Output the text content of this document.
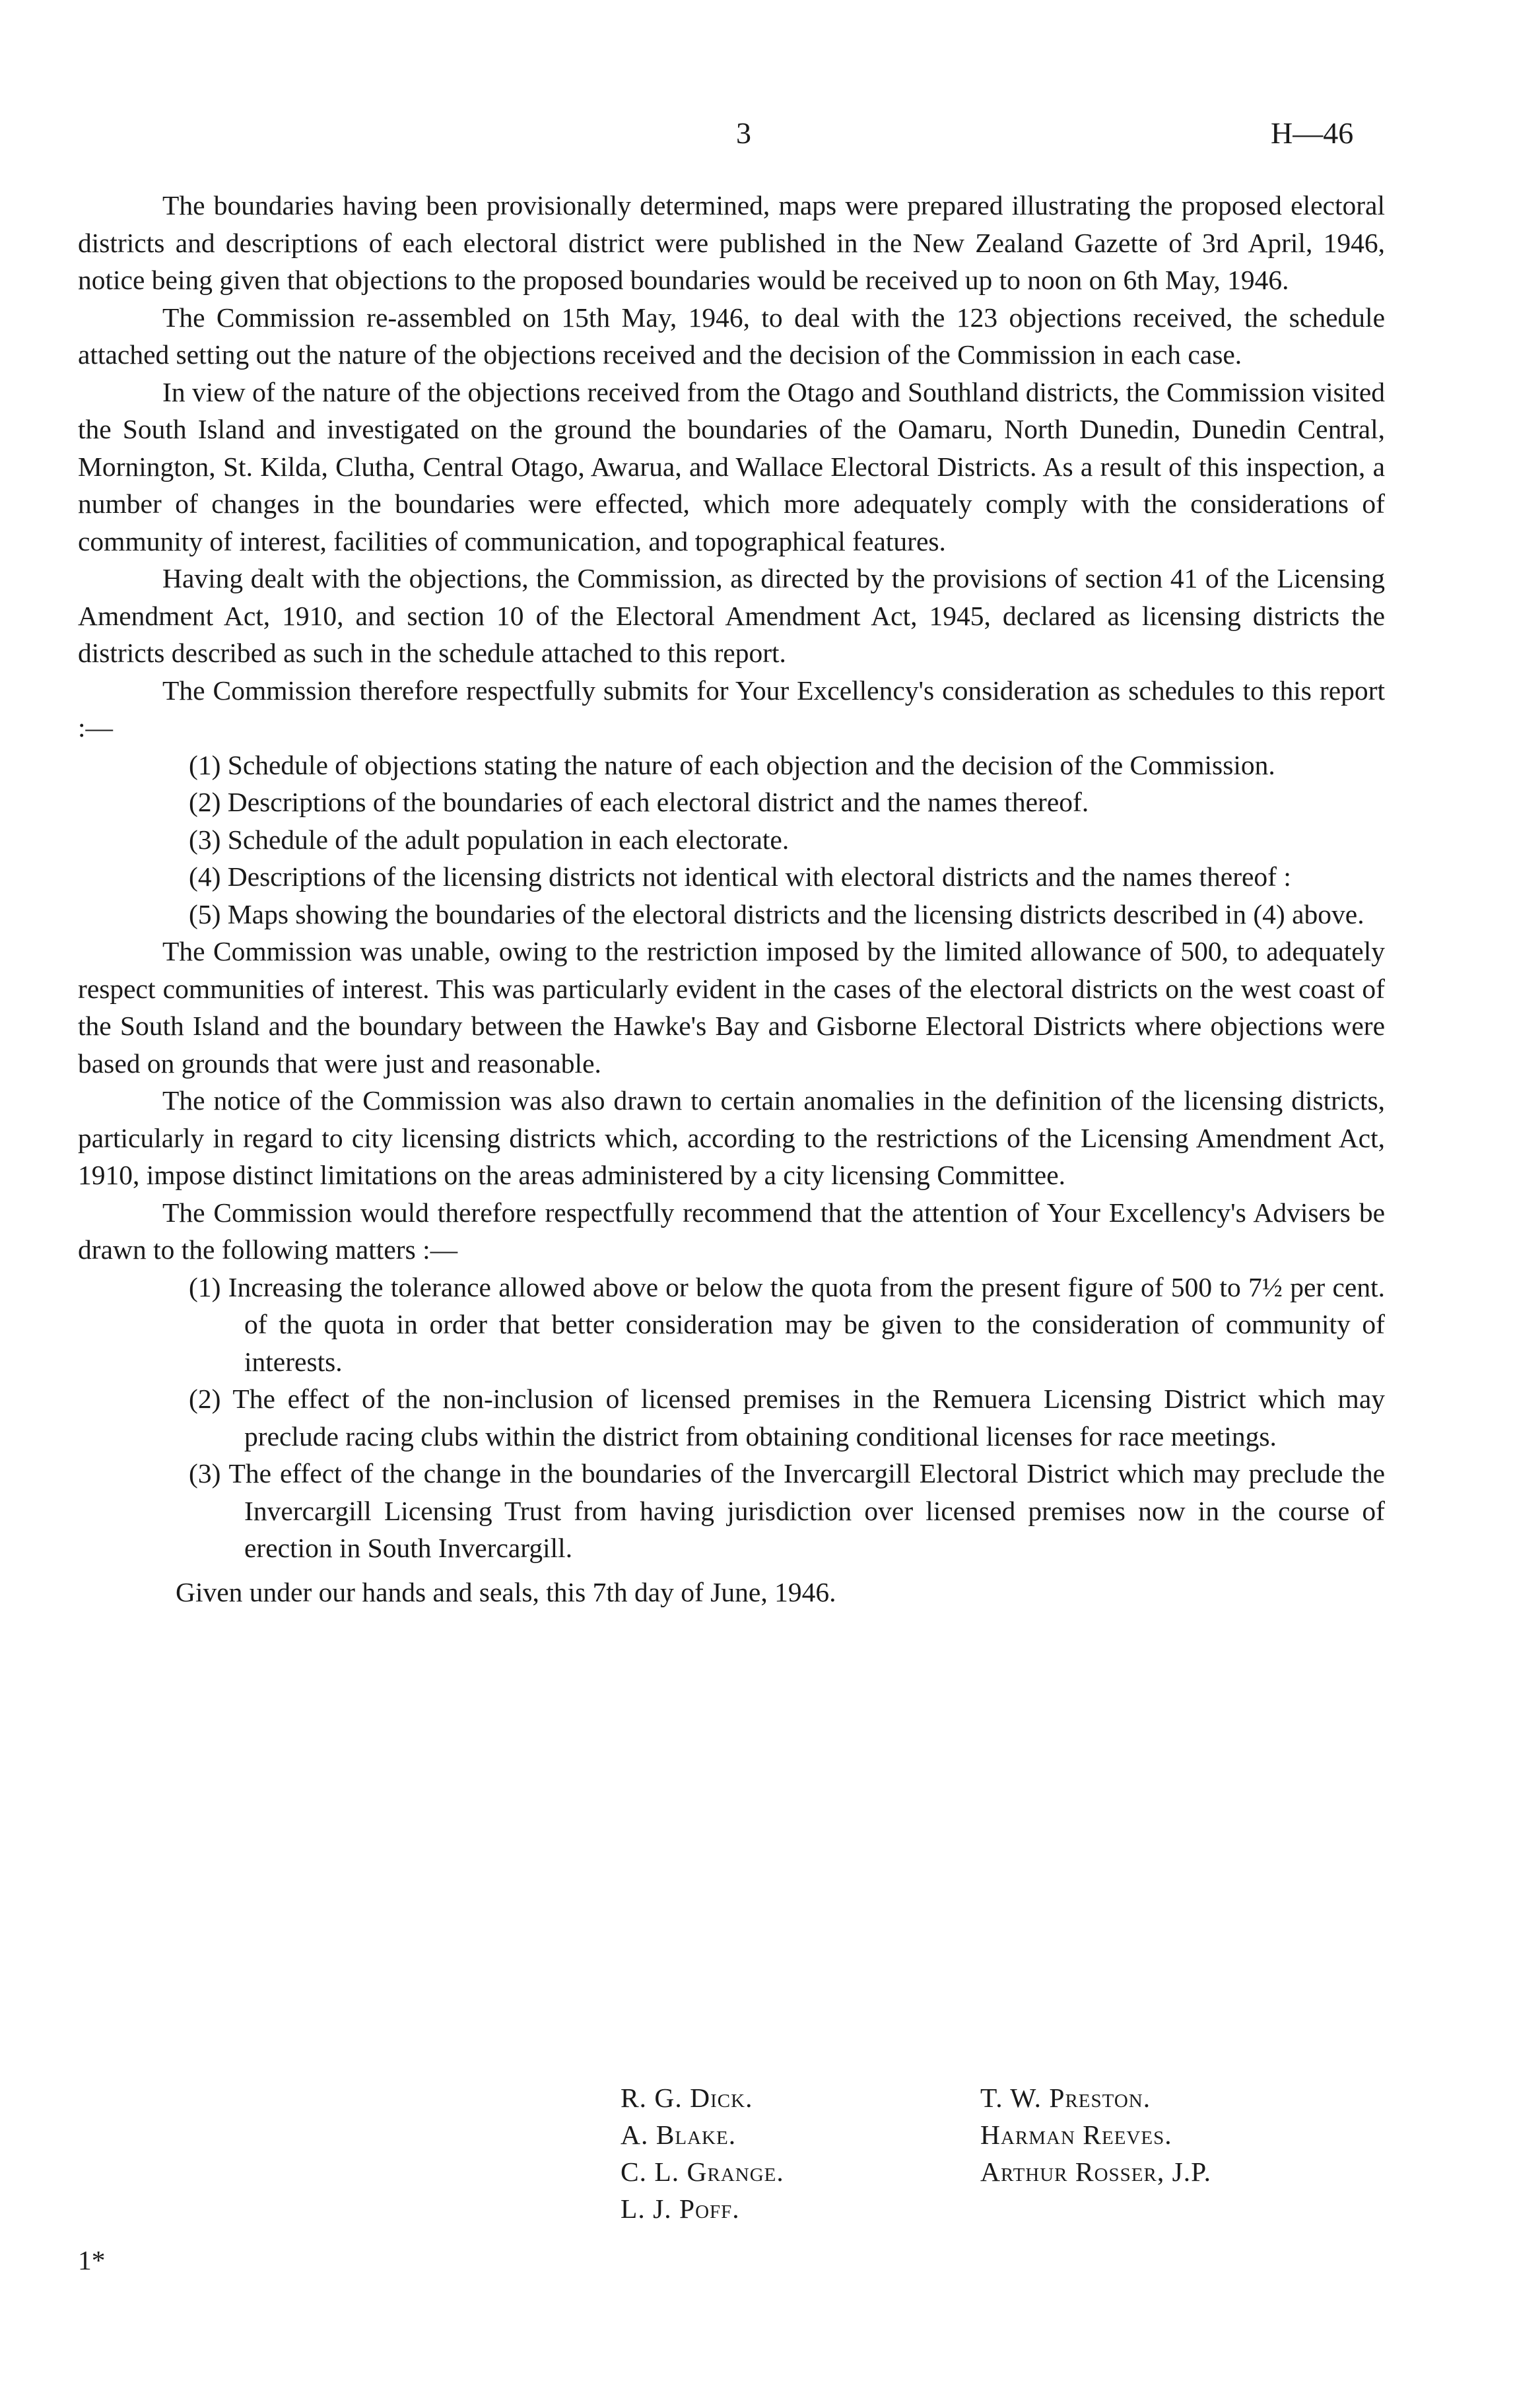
3	H—46

The boundaries having been provisionally determined, maps were prepared illustrating the proposed electoral districts and descriptions of each electoral district were published in the New Zealand Gazette of 3rd April, 1946, notice being given that objections to the proposed boundaries would be received up to noon on 6th May, 1946.

The Commission re-assembled on 15th May, 1946, to deal with the 123 objections received, the schedule attached setting out the nature of the objections received and the decision of the Commission in each case.

In view of the nature of the objections received from the Otago and Southland districts, the Commission visited the South Island and investigated on the ground the boundaries of the Oamaru, North Dunedin, Dunedin Central, Mornington, St. Kilda, Clutha, Central Otago, Awarua, and Wallace Electoral Districts. As a result of this inspection, a number of changes in the boundaries were effected, which more adequately comply with the considerations of community of interest, facilities of communication, and topographical features.

Having dealt with the objections, the Commission, as directed by the provisions of section 41 of the Licensing Amendment Act, 1910, and section 10 of the Electoral Amendment Act, 1945, declared as licensing districts the districts described as such in the schedule attached to this report.

The Commission therefore respectfully submits for Your Excellency's consideration as schedules to this report :—

(1) Schedule of objections stating the nature of each objection and the decision of the Commission.
(2) Descriptions of the boundaries of each electoral district and the names thereof.
(3) Schedule of the adult population in each electorate.
(4) Descriptions of the licensing districts not identical with electoral districts and the names thereof :
(5) Maps showing the boundaries of the electoral districts and the licensing districts described in (4) above.

The Commission was unable, owing to the restriction imposed by the limited allowance of 500, to adequately respect communities of interest. This was particularly evident in the cases of the electoral districts on the west coast of the South Island and the boundary between the Hawke's Bay and Gisborne Electoral Districts where objections were based on grounds that were just and reasonable.

The notice of the Commission was also drawn to certain anomalies in the definition of the licensing districts, particularly in regard to city licensing districts which, according to the restrictions of the Licensing Amendment Act, 1910, impose distinct limitations on the areas administered by a city licensing Committee.

The Commission would therefore respectfully recommend that the attention of Your Excellency's Advisers be drawn to the following matters :—

(1) Increasing the tolerance allowed above or below the quota from the present figure of 500 to 7½ per cent. of the quota in order that better consideration may be given to the consideration of community of interests.
(2) The effect of the non-inclusion of licensed premises in the Remuera Licensing District which may preclude racing clubs within the district from obtaining conditional licenses for race meetings.
(3) The effect of the change in the boundaries of the Invercargill Electoral District which may preclude the Invercargill Licensing Trust from having jurisdiction over licensed premises now in the course of erection in South Invercargill.

Given under our hands and seals, this 7th day of June, 1946.

R. G. Dick.
A. Blake.
C. L. Grange.
L. J. Poff.
T. W. Preston.
Harman Reeves.
Arthur Rosser, J.P.
1*
